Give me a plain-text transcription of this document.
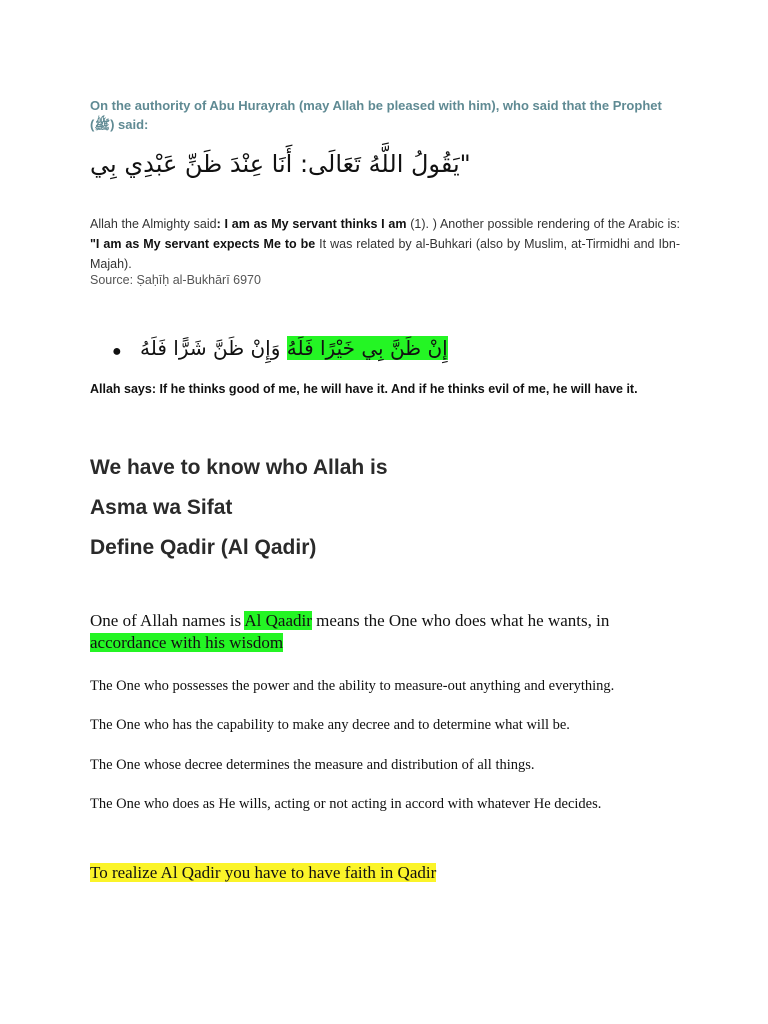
On the authority of Abu Hurayrah (may Allah be pleased with him), who said that the Prophet (ﷺ) said:
"يَقُولُ اللَّهُ تَعَالَى: أَنَا عِنْدَ ظَنِّ عَبْدِي بِي
Allah the Almighty said: I am as My servant thinks I am (1). ) Another possible rendering of the Arabic is: "I am as My servant expects Me to be It was related by al-Buhkari (also by Muslim, at-Tirmidhi and Ibn-Majah).
Source: Ṣaḥīḥ al-Bukhārī 6970
●	إِنْ ظَنَّ بِي خَيْرًا فَلَهُ وَإِنْ ظَنَّ شَرًّا فَلَهُ
Allah says: If he thinks good of me, he will have it. And if he thinks evil of me, he will have it.
We have to know who Allah is
Asma wa Sifat
Define Qadir (Al Qadir)
One of Allah names is Al Qaadir means the One who does what he wants, in accordance with his wisdom
The One who possesses the power and the ability to measure-out anything and everything.
The One who has the capability to make any decree and to determine what will be.
The One whose decree determines the measure and distribution of all things.
The One who does as He wills, acting or not acting in accord with whatever He decides.
To realize Al Qadir you have to have faith in Qadir
